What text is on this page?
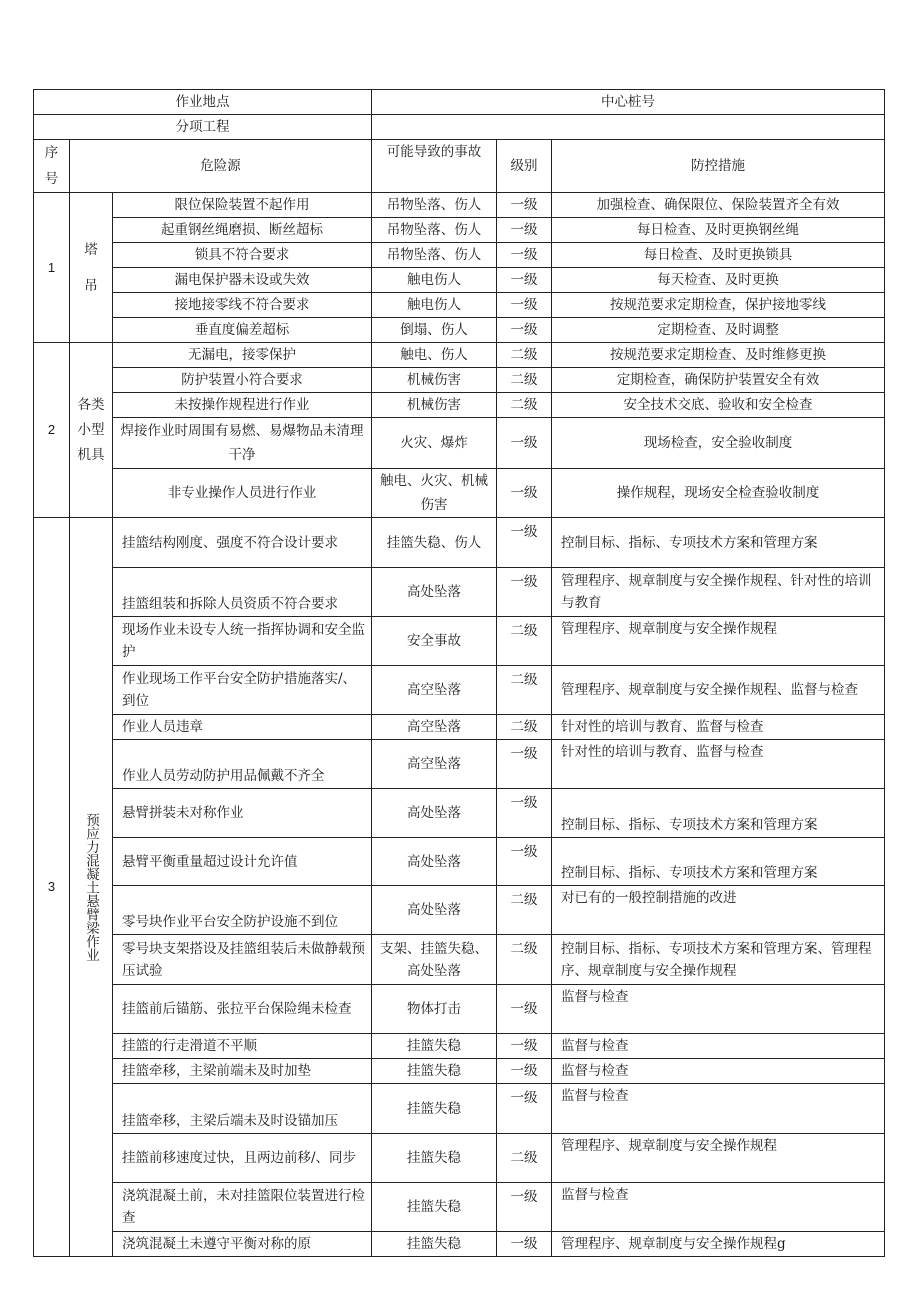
作业地点			中心桩号		
分项工程					
序号	危险源		可能导致的事故	级别	防控措施
1	塔吊	限位保险装置不起作用	吊物坠落、伤人	一级	加强检查、确保限位、保险装置齐全有效
		起重钢丝绳磨损、断丝超标	吊物坠落、伤人	一级	每日检查、及时更换钢丝绳
		锁具不符合要求	吊物坠落、伤人	一级	每日检查、及时更换锁具
		漏电保护器未设或失效	触电伤人	一级	每天检查、及时更换
		接地接零线不符合要求	触电伤人	一级	按规范要求定期检查，保护接地零线
		垂直度偏差超标	倒塌、伤人	一级	定期检查、及时调整
2	各类小型机具	无漏电，接零保护	触电、伤人	二级	按规范要求定期检查、及时维修更换
		防护装置小符合要求	机械伤害	二级	定期检查，确保防护装置安全有效
		未按操作规程进行作业	机械伤害	二级	安全技术交底、验收和安全检查
		焊接作业时周围有易燃、易爆物品未清理干净	火灾、爆炸	一级	现场检查，安全验收制度
		非专业操作人员进行作业	触电、火灾、机械伤害	一级	操作规程，现场安全检查验收制度
3	预应力混凝土悬臂梁作业	挂篮结构刚度、强度不符合设计要求	挂篮失稳、伤人	一级	控制目标、指标、专项技术方案和管理方案
		挂篮组装和拆除人员资质不符合要求	高处坠落	一级	管理程序、规章制度与安全操作规程、针对性的培训与教育
		现场作业未设专人统一指挥协调和安全监护	安全事故	二级	管理程序、规章制度与安全操作规程
		作业现场工作平台安全防护措施落实/、到位	高空坠落	二级	管理程序、规章制度与安全操作规程、监督与检查
		作业人员违章	高空坠落	二级	针对性的培训与教育、监督与检查
		作业人员劳动防护用品佩戴不齐全	高空坠落	一级	针对性的培训与教育、监督与检查
		悬臂拼装未对称作业	高处坠落	一级	控制目标、指标、专项技术方案和管理方案
		悬臂平衡重量超过设计允许值	高处坠落	一级	控制目标、指标、专项技术方案和管理方案
		零号块作业平台安全防护设施不到位	高处坠落	二级	对已有的一般控制措施的改进
		零号块支架搭设及挂篮组装后未做静载预压试验	支架、挂篮失稳、高处坠落	二级	控制目标、指标、专项技术方案和管理方案、管理程序、规章制度与安全操作规程
		挂篮前后锚筋、张拉平台保险绳未检查	物体打击	一级	监督与检查
		挂篮的行走滑道不平顺	挂篮失稳	一级	监督与检查
		挂篮牵移，主梁前端未及时加垫	挂篮失稳	一级	监督与检查
		挂篮牵移，主梁后端未及时设锚加压	挂篮失稳	一级	监督与检查
		挂篮前移速度过快，且两边前移/、同步	挂篮失稳	二级	管理程序、规章制度与安全操作规程
		浇筑混凝土前，未对挂篮限位装置进行检查	挂篮失稳	一级	监督与检查
		浇筑混凝土未遵守平衡对称的原	挂篮失稳	一级	管理程序、规章制度与安全操作规程g
